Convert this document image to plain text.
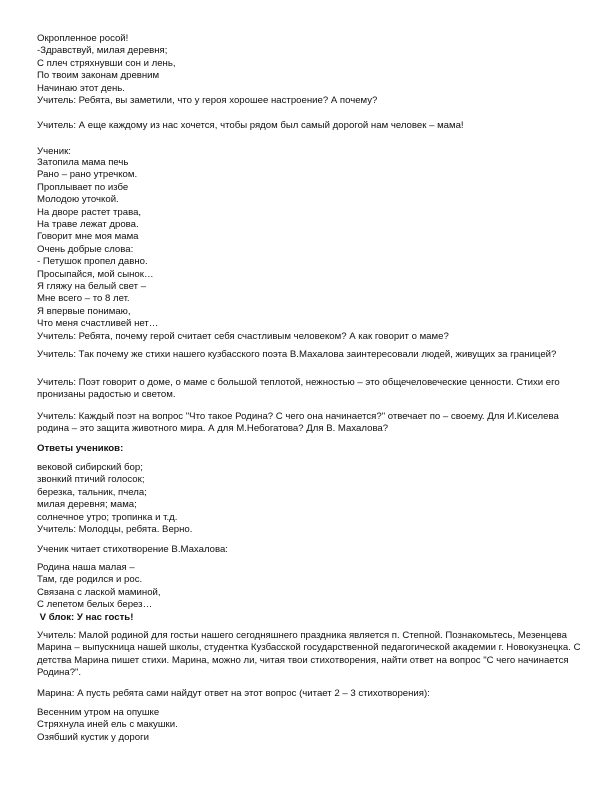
Окропленное росой!
-Здравствуй, милая деревня;
С плеч стряхнувши сон и лень,
По твоим законам древним
Начинаю этот день.
Учитель: Ребята, вы заметили, что у героя хорошее настроение? А почему?
Учитель: А еще каждому из нас хочется, чтобы рядом был самый дорогой нам человек – мама!
Ученик:
Затопила мама печь
Рано – рано утречком.
Проплывает по избе
Молодою уточкой.
На дворе растет трава,
На траве лежат дрова.
Говорит мне моя мама
Очень добрые слова:
- Петушок пропел давно.
Просыпайся, мой сынок…
Я гляжу на белый свет –
Мне всего – то 8 лет.
Я впервые понимаю,
Что меня счастливей нет…
Учитель: Ребята, почему герой считает себя счастливым человеком? А как говорит о маме?
Учитель: Так почему же стихи нашего кузбасского поэта В.Махалова заинтересовали людей, живущих за границей?
Учитель: Поэт говорит о доме, о маме с большой теплотой, нежностью – это общечеловеческие ценности. Стихи его пронизаны радостью и светом.
Учитель: Каждый поэт на вопрос "Что такое Родина? С чего она начинается?" отвечает по – своему. Для И.Киселева родина – это защита животного мира. А для М.Небогатова? Для В. Махалова?
Ответы учеников:
вековой сибирский бор;
звонкий птичий голосок;
березка, тальник, пчела;
милая деревня; мама;
солнечное утро; тропинка и т.д.
Учитель: Молодцы, ребята. Верно.
Ученик читает стихотворение В.Махалова:
Родина наша малая –
Там, где родился и рос.
Связана с лаской маминой,
С лепетом белых берез…
V блок: У нас гость!
Учитель: Малой родиной для гостьи нашего сегодняшнего праздника является п. Степной. Познакомьтесь, Мезенцева Марина – выпускница нашей школы, студентка Кузбасской государственной педагогической академии г. Новокузнецка. С детства Марина пишет стихи. Марина, можно ли, читая твои стихотворения, найти ответ на вопрос "С чего начинается Родина?".
Марина: А пусть ребята сами найдут ответ на этот вопрос (читает 2 – 3 стихотворения):
Весенним утром на опушке
Стряхнула иней ель с макушки.
Озябший кустик у дороги
